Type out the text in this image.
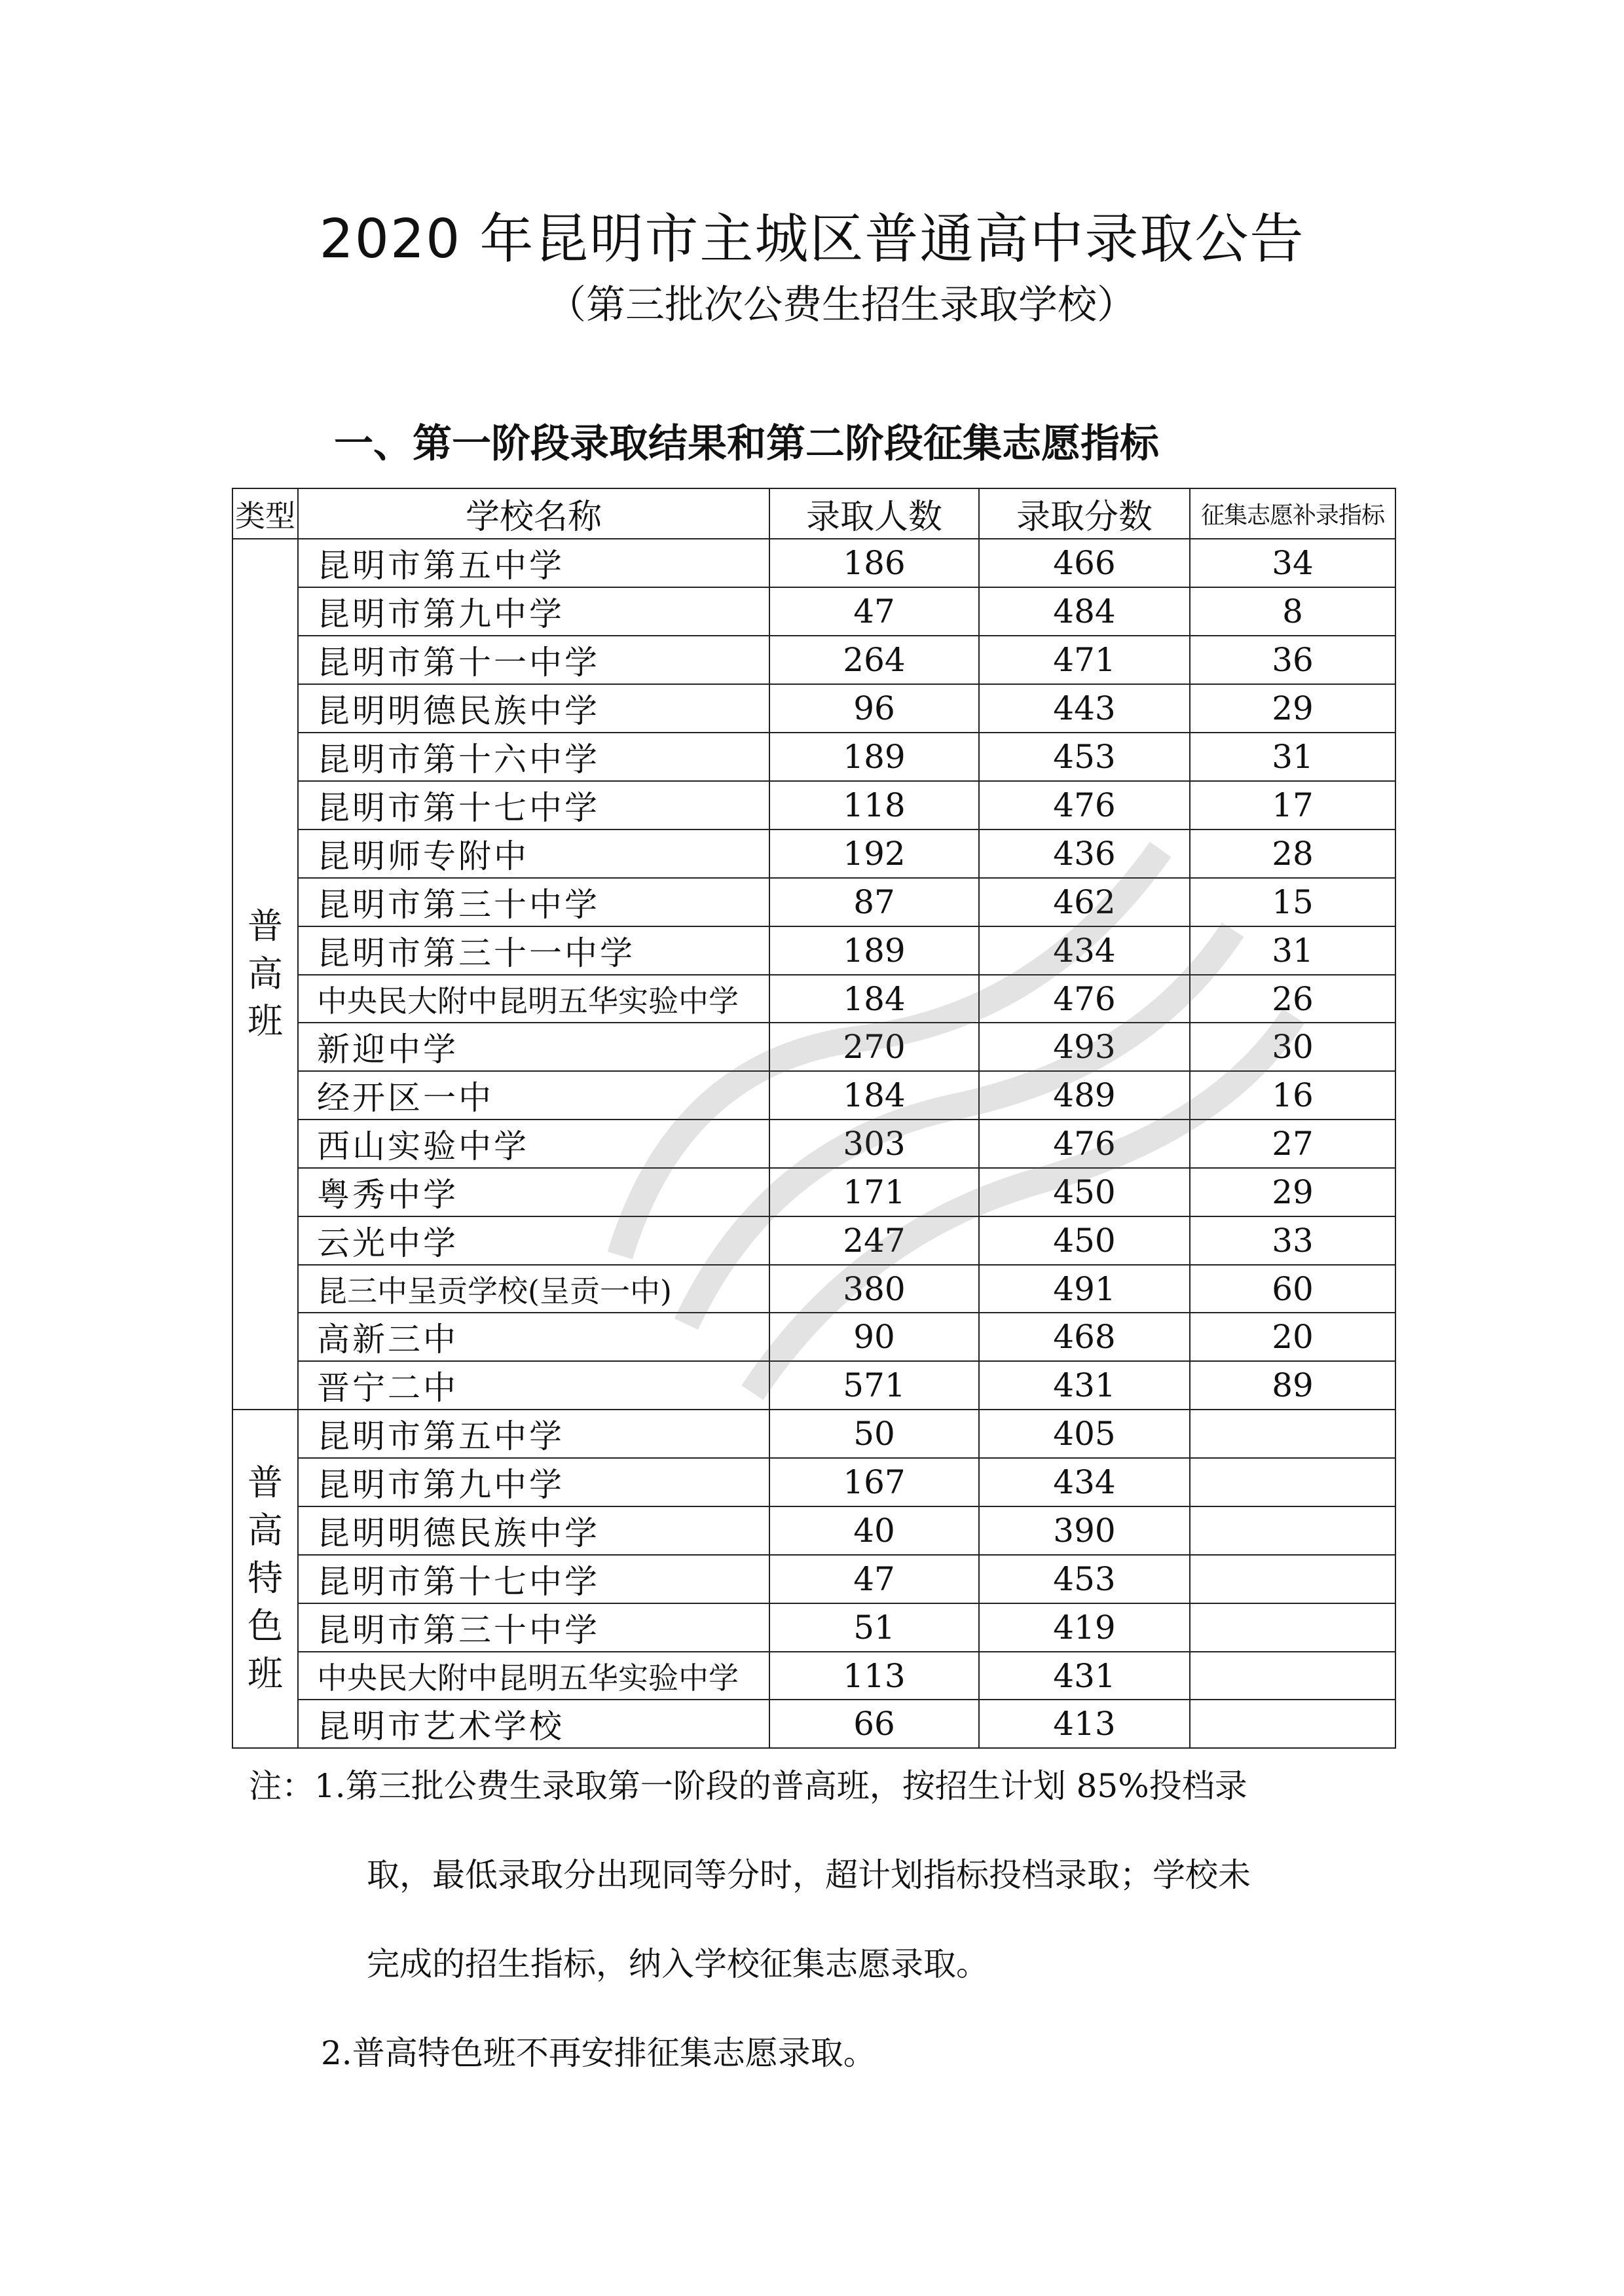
2020 年昆明市主城区普通高中录取公告
（第三批次公费生招生录取学校）
一、第一阶段录取结果和第二阶段征集志愿指标
类型	学校名称	录取人数	录取分数	征集志愿补录指标

普
高
班	昆明市第五中学	186	466	34
	昆明市第九中学	47	484	8
	昆明市第十一中学	264	471	36
	昆明明德民族中学	96	443	29
	昆明市第十六中学	189	453	31
	昆明市第十七中学	118	476	17
	昆明师专附中	192	436	28
	昆明市第三十中学	87	462	15
	昆明市第三十一中学	189	434	31
	中央民大附中昆明五华实验中学	184	476	26
	新迎中学	270	493	30
	经开区一中	184	489	16
	西山实验中学	303	476	27
	粤秀中学	171	450	29
	云光中学	247	450	33
	昆三中呈贡学校(呈贡一中)	380	491	60
	高新三中	90	468	20
	晋宁二中	571	431	89

普
高
特
色
班	昆明市第五中学	50	405	
	昆明市第九中学	167	434	
	昆明明德民族中学	40	390	
	昆明市第十七中学	47	453	
	昆明市第三十中学	51	419	
	中央民大附中昆明五华实验中学	113	431	
	昆明市艺术学校	66	413	
注：1.第三批公费生录取第一阶段的普高班，按招生计划 85%投档录
取，最低录取分出现同等分时，超计划指标投档录取；学校未
完成的招生指标，纳入学校征集志愿录取。
2.普高特色班不再安排征集志愿录取。
